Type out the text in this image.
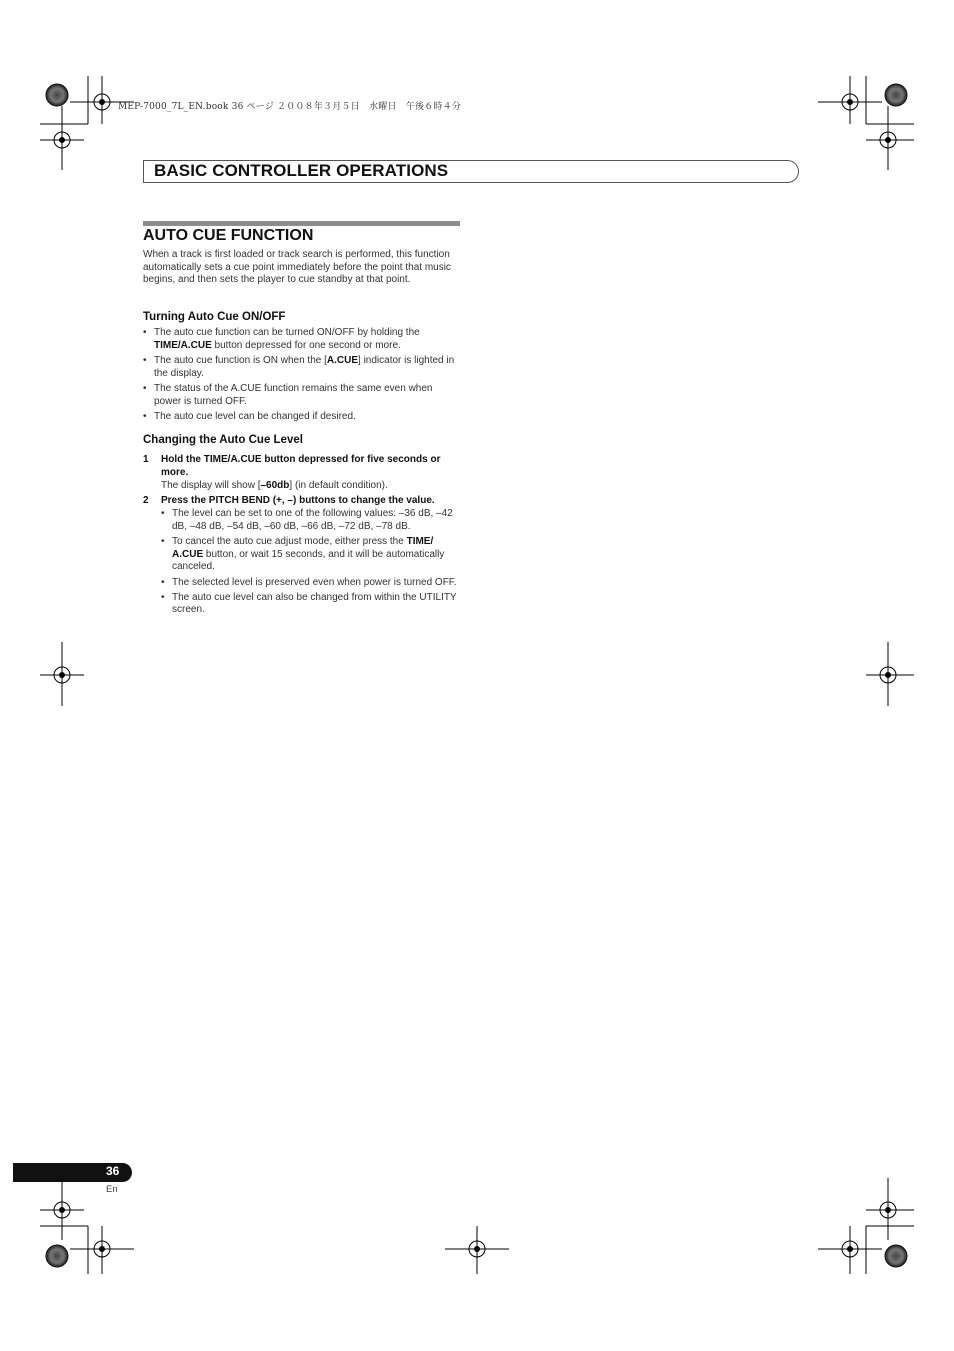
MEP-7000_7L_EN.book 36 ページ ２００８年３月５日　水曜日　午後６時４分
BASIC CONTROLLER OPERATIONS
AUTO CUE FUNCTION
When a track is first loaded or track search is performed, this function automatically sets a cue point immediately before the point that music begins, and then sets the player to cue standby at that point.
Turning Auto Cue ON/OFF
• The auto cue function can be turned ON/OFF by holding the TIME/A.CUE button depressed for one second or more.
• The auto cue function is ON when the [A.CUE] indicator is lighted in the display.
• The status of the A.CUE function remains the same even when power is turned OFF.
• The auto cue level can be changed if desired.
Changing the Auto Cue Level
1	Hold the TIME/A.CUE button depressed for five seconds or more.
The display will show [–60db] (in default condition).
2	Press the PITCH BEND (+, –) buttons to change the value.
• The level can be set to one of the following values: –36 dB, –42 dB, –48 dB, –54 dB, –60 dB, –66 dB, –72 dB, –78 dB.
• To cancel the auto cue adjust mode, either press the TIME/ A.CUE button, or wait 15 seconds, and it will be automatically canceled.
• The selected level is preserved even when power is turned OFF.
• The auto cue level can also be changed from within the UTILITY screen.
36
En
